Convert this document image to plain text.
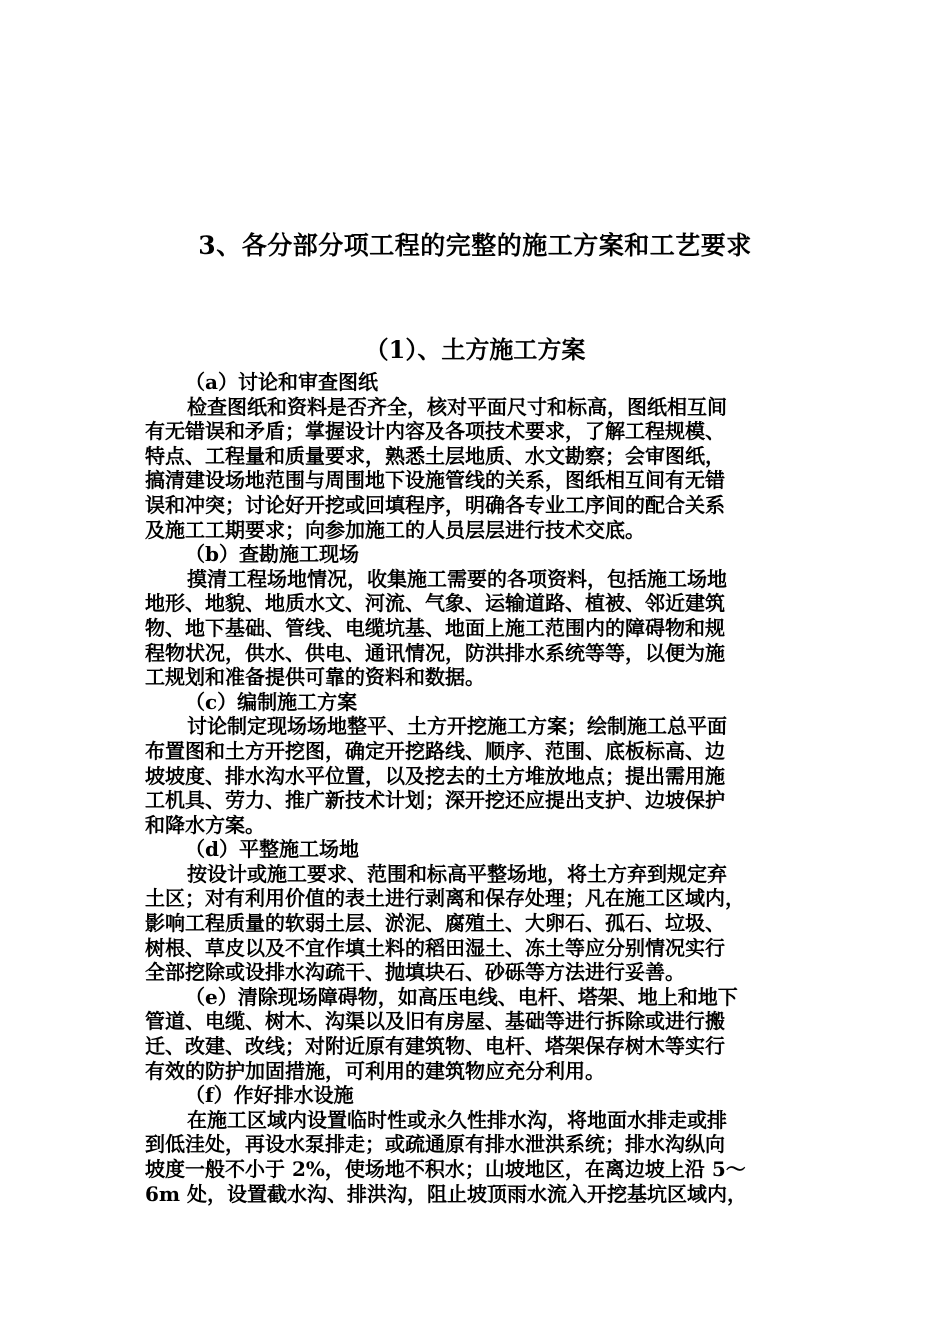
3、各分部分项工程的完整的施工方案和工艺要求
（1）、土方施工方案
（a）讨论和审查图纸
检查图纸和资料是否齐全，核对平面尺寸和标高，图纸相互间
有无错误和矛盾；掌握设计内容及各项技术要求，了解工程规模、
特点、工程量和质量要求，熟悉土层地质、水文勘察；会审图纸，
搞清建设场地范围与周围地下设施管线的关系，图纸相互间有无错
误和冲突；讨论好开挖或回填程序，明确各专业工序间的配合关系
及施工工期要求；向参加施工的人员层层进行技术交底。
（b）查勘施工现场
摸清工程场地情况，收集施工需要的各项资料，包括施工场地
地形、地貌、地质水文、河流、气象、运输道路、植被、邻近建筑
物、地下基础、管线、电缆坑基、地面上施工范围内的障碍物和规
程物状况，供水、供电、通讯情况，防洪排水系统等等，以便为施
工规划和准备提供可靠的资料和数据。
（c）编制施工方案
讨论制定现场场地整平、土方开挖施工方案；绘制施工总平面
布置图和土方开挖图，确定开挖路线、顺序、范围、底板标高、边
坡坡度、排水沟水平位置，以及挖去的土方堆放地点；提出需用施
工机具、劳力、推广新技术计划；深开挖还应提出支护、边坡保护
和降水方案。
（d）平整施工场地
按设计或施工要求、范围和标高平整场地，将土方弃到规定弃
土区；对有利用价值的表土进行剥离和保存处理；凡在施工区域内，
影响工程质量的软弱土层、淤泥、腐殖土、大卵石、孤石、垃圾、
树根、草皮以及不宜作填土料的稻田湿土、冻土等应分别情况实行
全部挖除或设排水沟疏干、抛填块石、砂砾等方法进行妥善。
（e）清除现场障碍物，如高压电线、电杆、塔架、地上和地下
管道、电缆、树木、沟渠以及旧有房屋、基础等进行拆除或进行搬
迁、改建、改线；对附近原有建筑物、电杆、塔架保存树木等实行
有效的防护加固措施，可利用的建筑物应充分利用。
（f）作好排水设施
在施工区域内设置临时性或永久性排水沟，将地面水排走或排
到低洼处，再设水泵排走；或疏通原有排水泄洪系统；排水沟纵向
坡度一般不小于 2%，使场地不积水；山坡地区，在离边坡上沿 5～
6m 处，设置截水沟、排洪沟，阻止坡顶雨水流入开挖基坑区域内，
